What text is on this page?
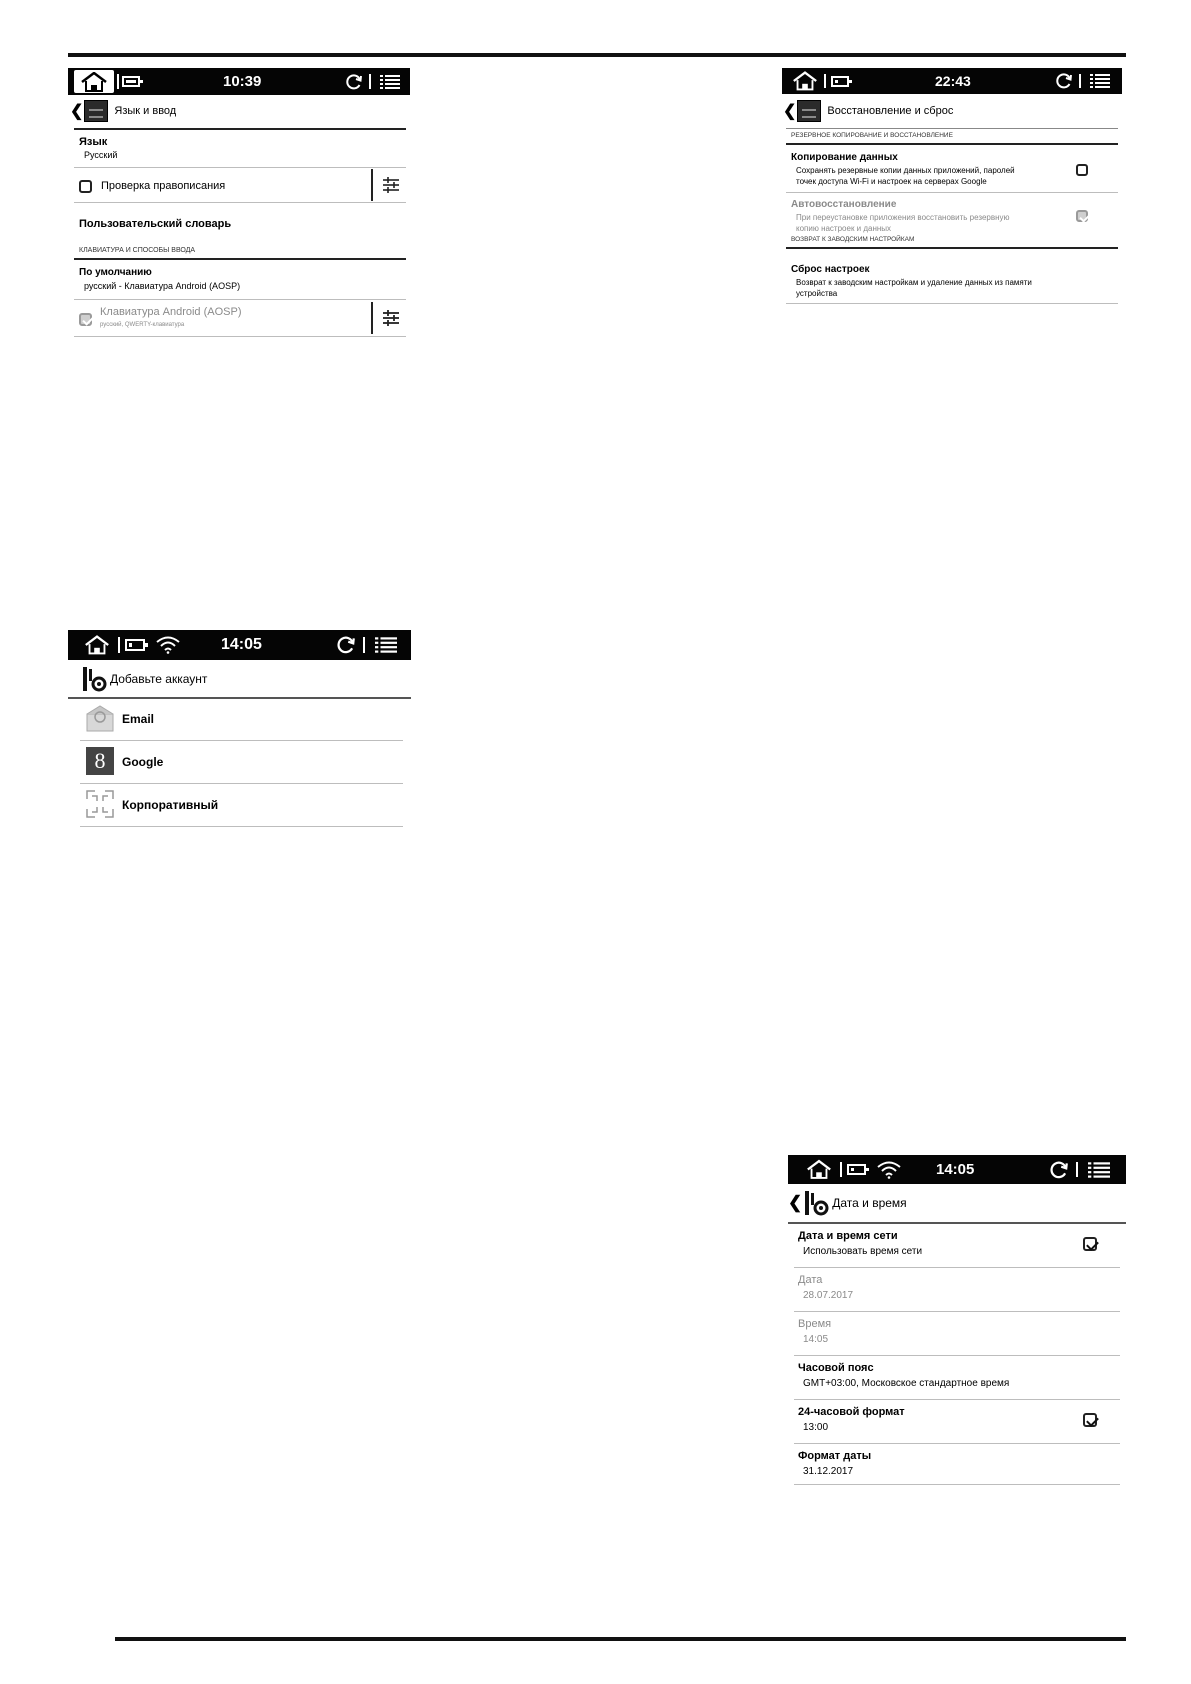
10:39
❮	Язык и ввод
Язык
Русский
Проверка правописания
Пользовательский словарь
КЛАВИАТУРА И СПОСОБЫ ВВОДА
По умолчанию
русский - Клавиатура Android (AOSP)
Клавиатура Android (AOSP)
русский, QWERTY-клавиатура
22:43
❮	Восстановление и сброс
РЕЗЕРВНОЕ КОПИРОВАНИЕ И ВОССТАНОВЛЕНИЕ
Копирование данных
Сохранять резервные копии данных приложений, паролей
точек доступа Wi-Fi и настроек на серверах Google
Автовосстановление
При переустановке приложения восстановить резервную
копию настроек и данных
ВОЗВРАТ К ЗАВОДСКИМ НАСТРОЙКАМ
Сброс настроек
Возврат к заводским настройкам и удаление данных из памяти
устройства
14:05
Добавьте аккаунт
Email
8 Google
Корпоративный
14:05
❮	Дата и время
Дата и время сети
Использовать время сети
Дата
28.07.2017
Время
14:05
Часовой пояс
GMT+03:00, Московское стандартное время
24-часовой формат
13:00
Формат даты
31.12.2017
